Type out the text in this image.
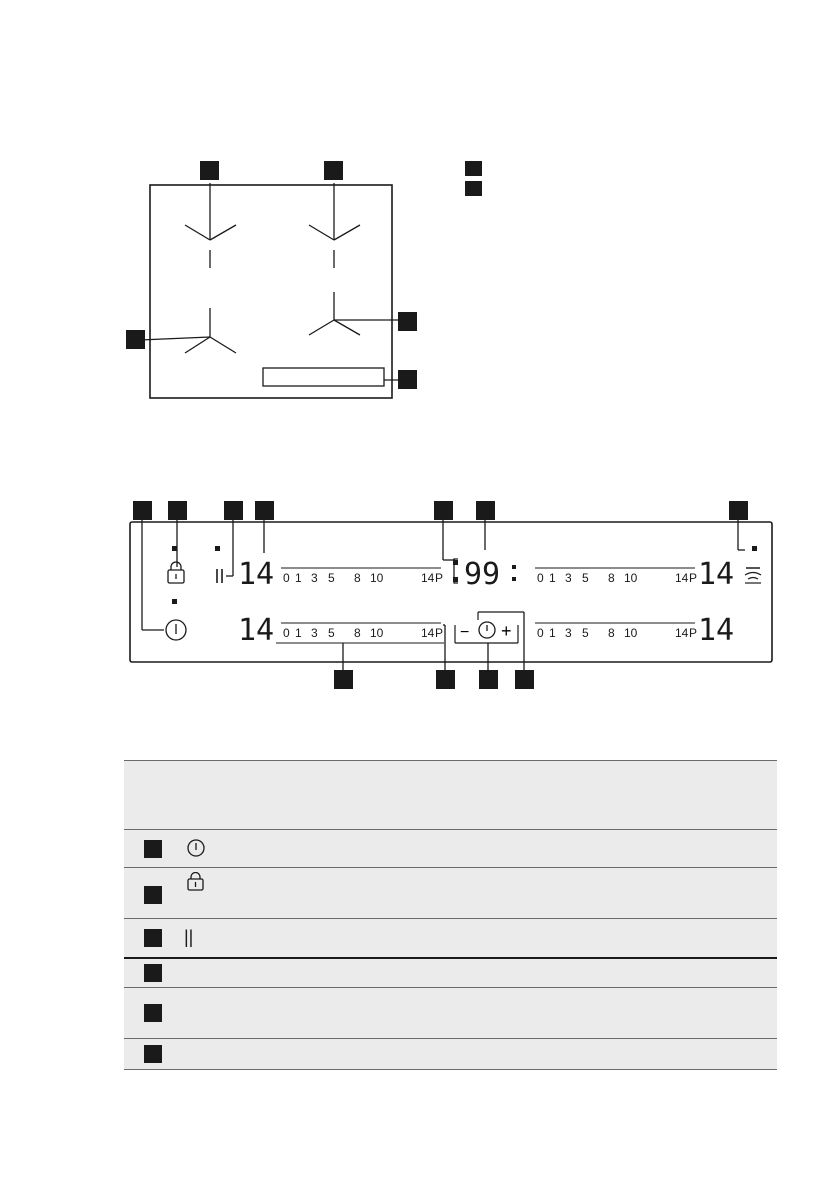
14
14
14
14
99
− +
0 1 3 5 8 10	14 P	0 1 3 5 8 10	14 P
0 1 3 5 8 10	14 P	0 1 3 5 8 10	14 P
||
